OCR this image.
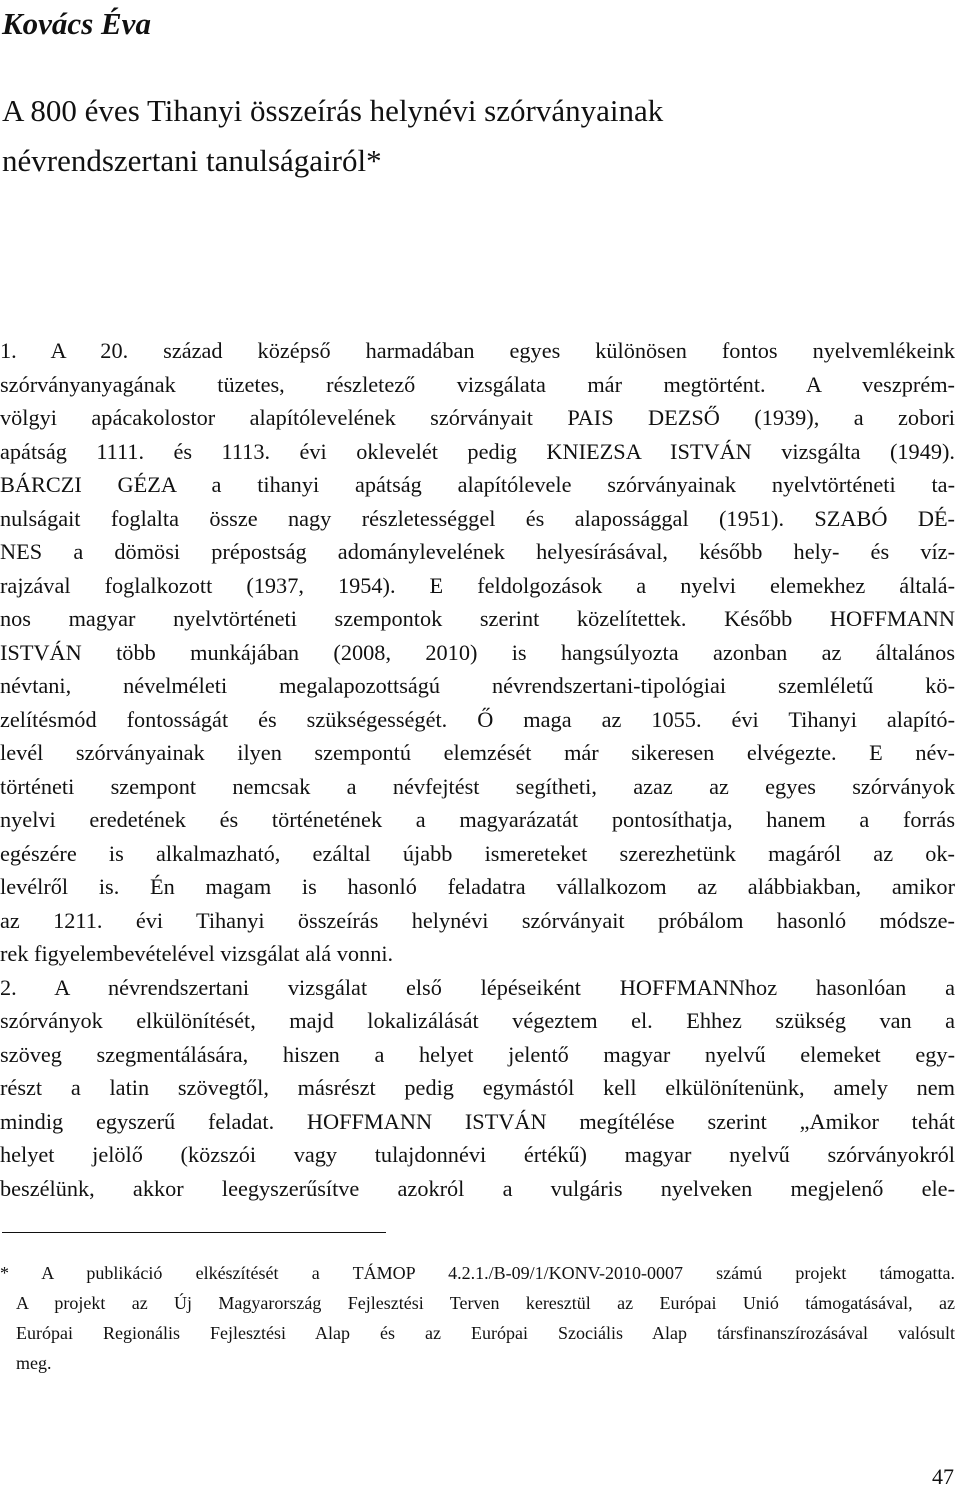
Kovács Éva
A 800 éves Tihanyi összeírás helynévi szórványainak
névrendszertani tanulságairól*
1. A 20. század középső harmadában egyes különösen fontos nyelvemlékeink
szórványanyagának tüzetes, részletező vizsgálata már megtörtént. A veszprém-
völgyi apácakolostor alapítólevelének szórványait PAIS DEZSŐ (1939), a zobori
apátság 1111. és 1113. évi oklevelét pedig KNIEZSA ISTVÁN vizsgálta (1949).
BÁRCZI GÉZA a tihanyi apátság alapítólevele szórványainak nyelvtörténeti ta-
nulságait foglalta össze nagy részletességgel és alapossággal (1951). SZABÓ DÉ-
NES a dömösi prépostság adománylevelének helyesírásával, később hely- és víz-
rajzával foglalkozott (1937, 1954). E feldolgozások a nyelvi elemekhez általá-
nos magyar nyelvtörténeti szempontok szerint közelítettek. Később HOFFMANN
ISTVÁN több munkájában (2008, 2010) is hangsúlyozta azonban az általános
névtani, névelméleti megalapozottságú névrendszertani-tipológiai szemléletű kö-
zelítésmód fontosságát és szükségességét. Ő maga az 1055. évi Tihanyi alapító-
levél szórványainak ilyen szempontú elemzését már sikeresen elvégezte. E név-
történeti szempont nemcsak a névfejtést segítheti, azaz az egyes szórványok
nyelvi eredetének és történetének a magyarázatát pontosíthatja, hanem a forrás
egészére is alkalmazható, ezáltal újabb ismereteket szerezhetünk magáról az ok-
levélről is. Én magam is hasonló feladatra vállalkozom az alábbiakban, amikor
az 1211. évi Tihanyi összeírás helynévi szórványait próbálom hasonló módsze-
rek figyelembevételével vizsgálat alá vonni.
2. A névrendszertani vizsgálat első lépéseiként HOFFMANNhoz hasonlóan a
szórványok elkülönítését, majd lokalizálását végeztem el. Ehhez szükség van a
szöveg szegmentálására, hiszen a helyet jelentő magyar nyelvű elemeket egy-
részt a latin szövegtől, másrészt pedig egymástól kell elkülönítenünk, amely nem
mindig egyszerű feladat. HOFFMANN ISTVÁN megítélése szerint „Amikor tehát
helyet jelölő (közszói vagy tulajdonnévi értékű) magyar nyelvű szórványokról
beszélünk, akkor leegyszerűsítve azokról a vulgáris nyelveken megjelenő ele-
* A publikáció elkészítését a TÁMOP 4.2.1./B-09/1/KONV-2010-0007 számú projekt támogatta.
A projekt az Új Magyarország Fejlesztési Terven keresztül az Európai Unió támogatásával, az
Európai Regionális Fejlesztési Alap és az Európai Szociális Alap társfinanszírozásával valósult
meg.
47
